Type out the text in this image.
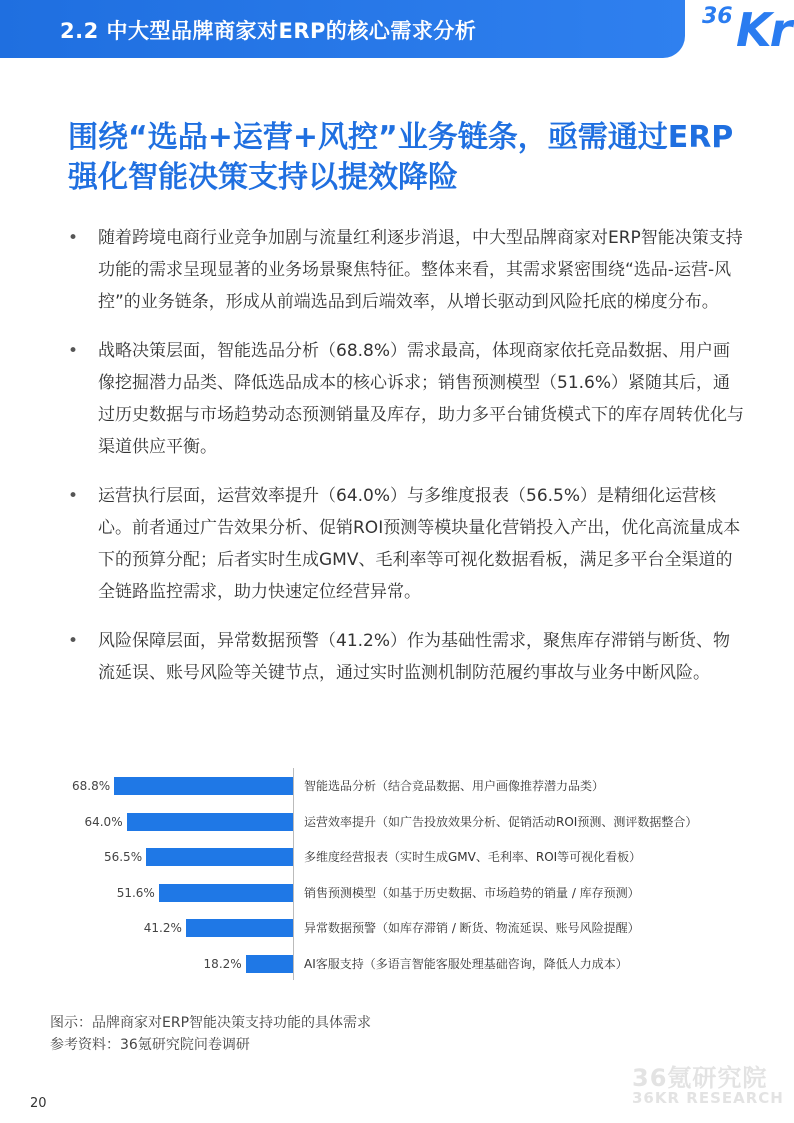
2.2 中大型品牌商家对ERP的核心需求分析
36 Kr
围绕“选品+运营+风控”业务链条，亟需通过ERP强化智能决策支持以提效降险
• 随着跨境电商行业竞争加剧与流量红利逐步消退，中大型品牌商家对ERP智能决策支持功能的需求呈现显著的业务场景聚焦特征。整体来看，其需求紧密围绕“选品-运营-风控”的业务链条，形成从前端选品到后端效率，从增长驱动到风险托底的梯度分布。
• 战略决策层面，智能选品分析（68.8%）需求最高，体现商家依托竞品数据、用户画像挖掘潜力品类、降低选品成本的核心诉求；销售预测模型（51.6%）紧随其后，通过历史数据与市场趋势动态预测销量及库存，助力多平台铺货模式下的库存周转优化与渠道供应平衡。
• 运营执行层面，运营效率提升（64.0%）与多维度报表（56.5%）是精细化运营核心。前者通过广告效果分析、促销ROI预测等模块量化营销投入产出，优化高流量成本下的预算分配；后者实时生成GMV、毛利率等可视化数据看板，满足多平台全渠道的全链路监控需求，助力快速定位经营异常。
• 风险保障层面，异常数据预警（41.2%）作为基础性需求，聚焦库存滞销与断货、物流延误、账号风险等关键节点，通过实时监测机制防范履约事故与业务中断风险。
68.8%	智能选品分析（结合竞品数据、用户画像推荐潜力品类）
64.0%	运营效率提升（如广告投放效果分析、促销活动ROI预测、测评数据整合）
56.5%	多维度经营报表（实时生成GMV、毛利率、ROI等可视化看板）
51.6%	销售预测模型（如基于历史数据、市场趋势的销量 / 库存预测）
41.2%	异常数据预警（如库存滞销 / 断货、物流延误、账号风险提醒）
18.2%	AI客服支持（多语言智能客服处理基础咨询，降低人力成本）
图示：品牌商家对ERP智能决策支持功能的具体需求
参考资料：36氪研究院问卷调研
36氪研究院
36KR RESEARCH
20
